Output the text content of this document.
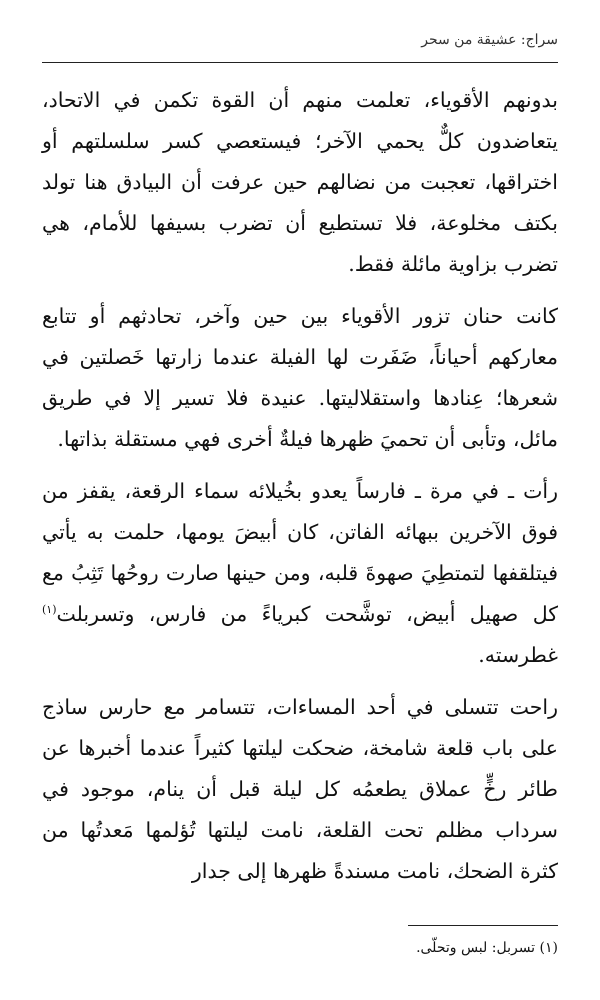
سراج: عشيقة من سحر

بدونهم الأقوياء، تعلمت منهم أن القوة تكمن في الاتحاد، يتعاضدون كلٌّ يحمي الآخر؛ فيستعصي كسر سلسلتهم أو اختراقها، تعجبت من نضالهم حين عرفت أن البيادق هنا تولد بكتف مخلوعة، فلا تستطيع أن تضرب بسيفها للأمام، هي تضرب بزاوية مائلة فقط.

كانت حنان تزور الأقوياء بين حين وآخر، تحادثهم أو تتابع معاركهم أحياناً، ضَفَرت لها الفيلة عندما زارتها خَصلتين في شعرها؛ عِنادها واستقلاليتها. عنيدة فلا تسير إلا في طريق مائل، وتأبى أن تحميَ ظهرها فيلةٌ أخرى فهي مستقلة بذاتها.

رأت ـ في مرة ـ فارساً يعدو بخُيلائه سماء الرقعة، يقفز من فوق الآخرين ببهائه الفاتن، كان أبيضَ يومها، حلمت به يأتي فيتلقفها لتمتطِيَ صهوةَ قلبه، ومن حينها صارت روحُها تَثِبُ مع كل صهيل أبيض، توشَّحت كبرياءً من فارس، وتسربلت$^{(١)}$ غطرسته.

راحت تتسلى في أحد المساءات، تتسامر مع حارس ساذج على باب قلعة شامخة، ضحكت ليلتها كثيراً عندما أخبرها عن طائر رخٍّ عملاق يطعمُه كل ليلة قبل أن ينام، موجود في سرداب مظلم تحت القلعة، نامت ليلتها تُؤلمها مَعدتُها من كثرة الضحك، نامت مسندةً ظهرها إلى جدار

(١) تسربل: لبس وتحلّى.
